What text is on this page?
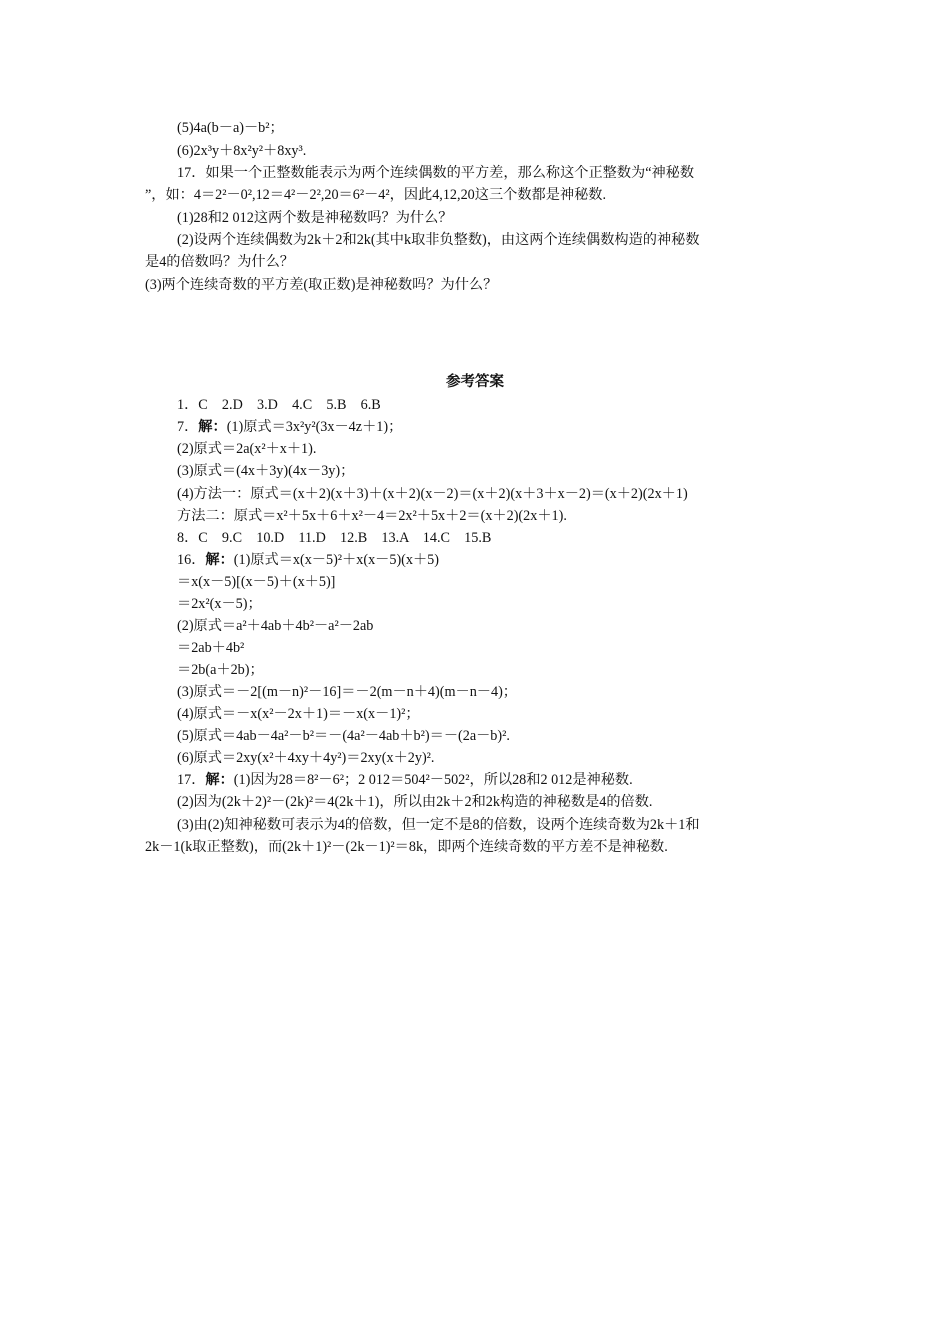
(5)4a(b－a)－b²；
(6)2x³y＋8x²y²＋8xy³.
17．如果一个正整数能表示为两个连续偶数的平方差，那么称这个正整数为“神秘数
”，如：4＝2²－0²,12＝4²－2²,20＝6²－4²，因此4,12,20这三个数都是神秘数.
(1)28和2 012这两个数是神秘数吗？为什么？
(2)设两个连续偶数为2k＋2和2k(其中k取非负整数)，由这两个连续偶数构造的神秘数
是4的倍数吗？为什么？
(3)两个连续奇数的平方差(取正数)是神秘数吗？为什么？
参考答案
1．C　2.D　3.D　4.C　5.B　6.B
7．解：(1)原式＝3x²y²(3x－4z＋1)；
(2)原式＝2a(x²＋x＋1).
(3)原式＝(4x＋3y)(4x－3y)；
(4)方法一：原式＝(x＋2)(x＋3)＋(x＋2)(x－2)＝(x＋2)(x＋3＋x－2)＝(x＋2)(2x＋1)
方法二：原式＝x²＋5x＋6＋x²－4＝2x²＋5x＋2＝(x＋2)(2x＋1).
8．C　9.C　10.D　11.D　12.B　13.A　14.C　15.B
16．解：(1)原式＝x(x－5)²＋x(x－5)(x＋5)
＝x(x－5)[(x－5)＋(x＋5)]
＝2x²(x－5)；
(2)原式＝a²＋4ab＋4b²－a²－2ab
＝2ab＋4b²
＝2b(a＋2b)；
(3)原式＝－2[(m－n)²－16]＝－2(m－n＋4)(m－n－4)；
(4)原式＝－x(x²－2x＋1)＝－x(x－1)²；
(5)原式＝4ab－4a²－b²＝－(4a²－4ab＋b²)＝－(2a－b)².
(6)原式＝2xy(x²＋4xy＋4y²)＝2xy(x＋2y)².
17．解：(1)因为28＝8²－6²；2 012＝504²－502²，所以28和2 012是神秘数.
(2)因为(2k＋2)²－(2k)²＝4(2k＋1)，所以由2k＋2和2k构造的神秘数是4的倍数.
(3)由(2)知神秘数可表示为4的倍数，但一定不是8的倍数，设两个连续奇数为2k＋1和
2k－1(k取正整数)，而(2k＋1)²－(2k－1)²＝8k，即两个连续奇数的平方差不是神秘数.
